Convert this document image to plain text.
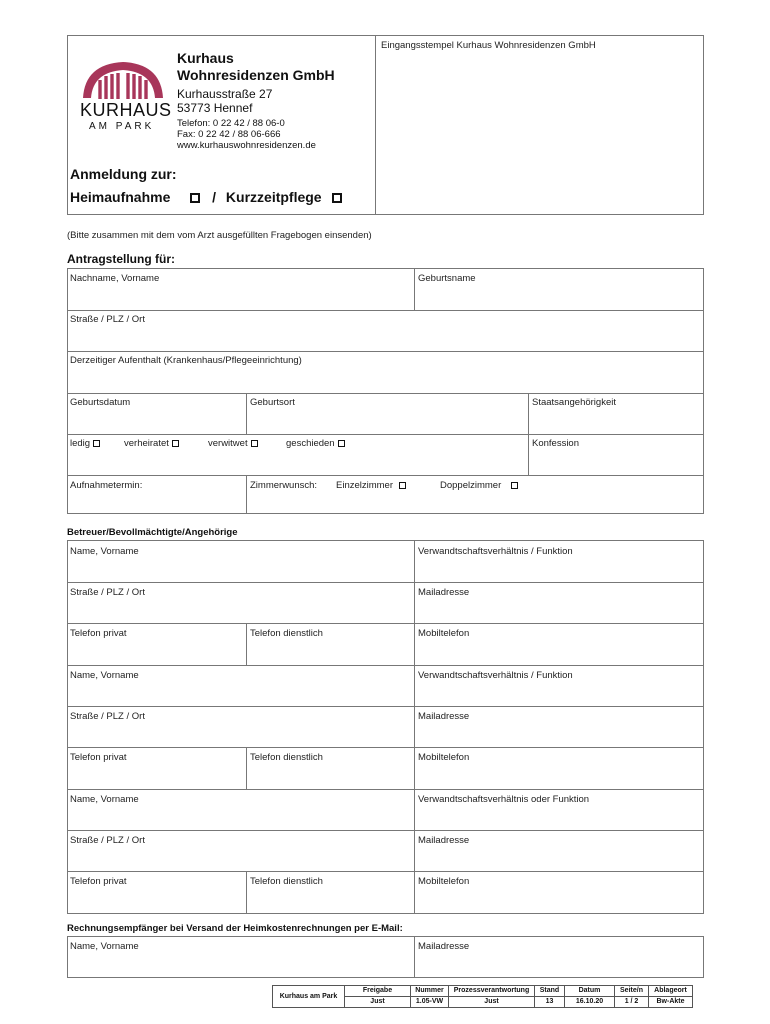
KURHAUS
AM PARK
Kurhaus
Wohnresidenzen GmbH
Kurhausstraße 27
53773 Hennef
Telefon: 0 22 42 / 88 06-0
Fax: 0 22 42 / 88 06-666
www.kurhauswohnresidenzen.de
Anmeldung zur:
Heimaufnahme	/ Kurzzeitpflege
Eingangsstempel Kurhaus Wohnresidenzen GmbH
(Bitte zusammen mit dem vom Arzt ausgefüllten Fragebogen einsenden)
Antragstellung für:
Nachname, Vorname	Geburtsname
Straße / PLZ / Ort
Derzeitiger Aufenthalt (Krankenhaus/Pflegeeinrichtung)
Geburtsdatum	Geburtsort	Staatsangehörigkeit
ledig	verheiratet	verwitwet	geschieden	Konfession
Aufnahmetermin:	Zimmerwunsch: Einzelzimmer	Doppelzimmer
Betreuer/Bevollmächtigte/Angehörige
Name, Vorname	Verwandtschaftsverhältnis / Funktion
Straße / PLZ / Ort	Mailadresse
Telefon privat	Telefon dienstlich	Mobiltelefon
Name, Vorname	Verwandtschaftsverhältnis / Funktion
Straße / PLZ / Ort	Mailadresse
Telefon privat	Telefon dienstlich	Mobiltelefon
Name, Vorname	Verwandtschaftsverhältnis oder Funktion
Straße / PLZ / Ort	Mailadresse
Telefon privat	Telefon dienstlich	Mobiltelefon
Rechnungsempfänger bei Versand der Heimkostenrechnungen per E-Mail:
Name, Vorname	Mailadresse
Kurhaus am Park	Freigabe	Nummer	Prozessverantwortung	Stand	Datum	Seite/n	Ablageort
	Just	1.05-VW	Just	13	16.10.20	1 / 2	Bw-Akte
